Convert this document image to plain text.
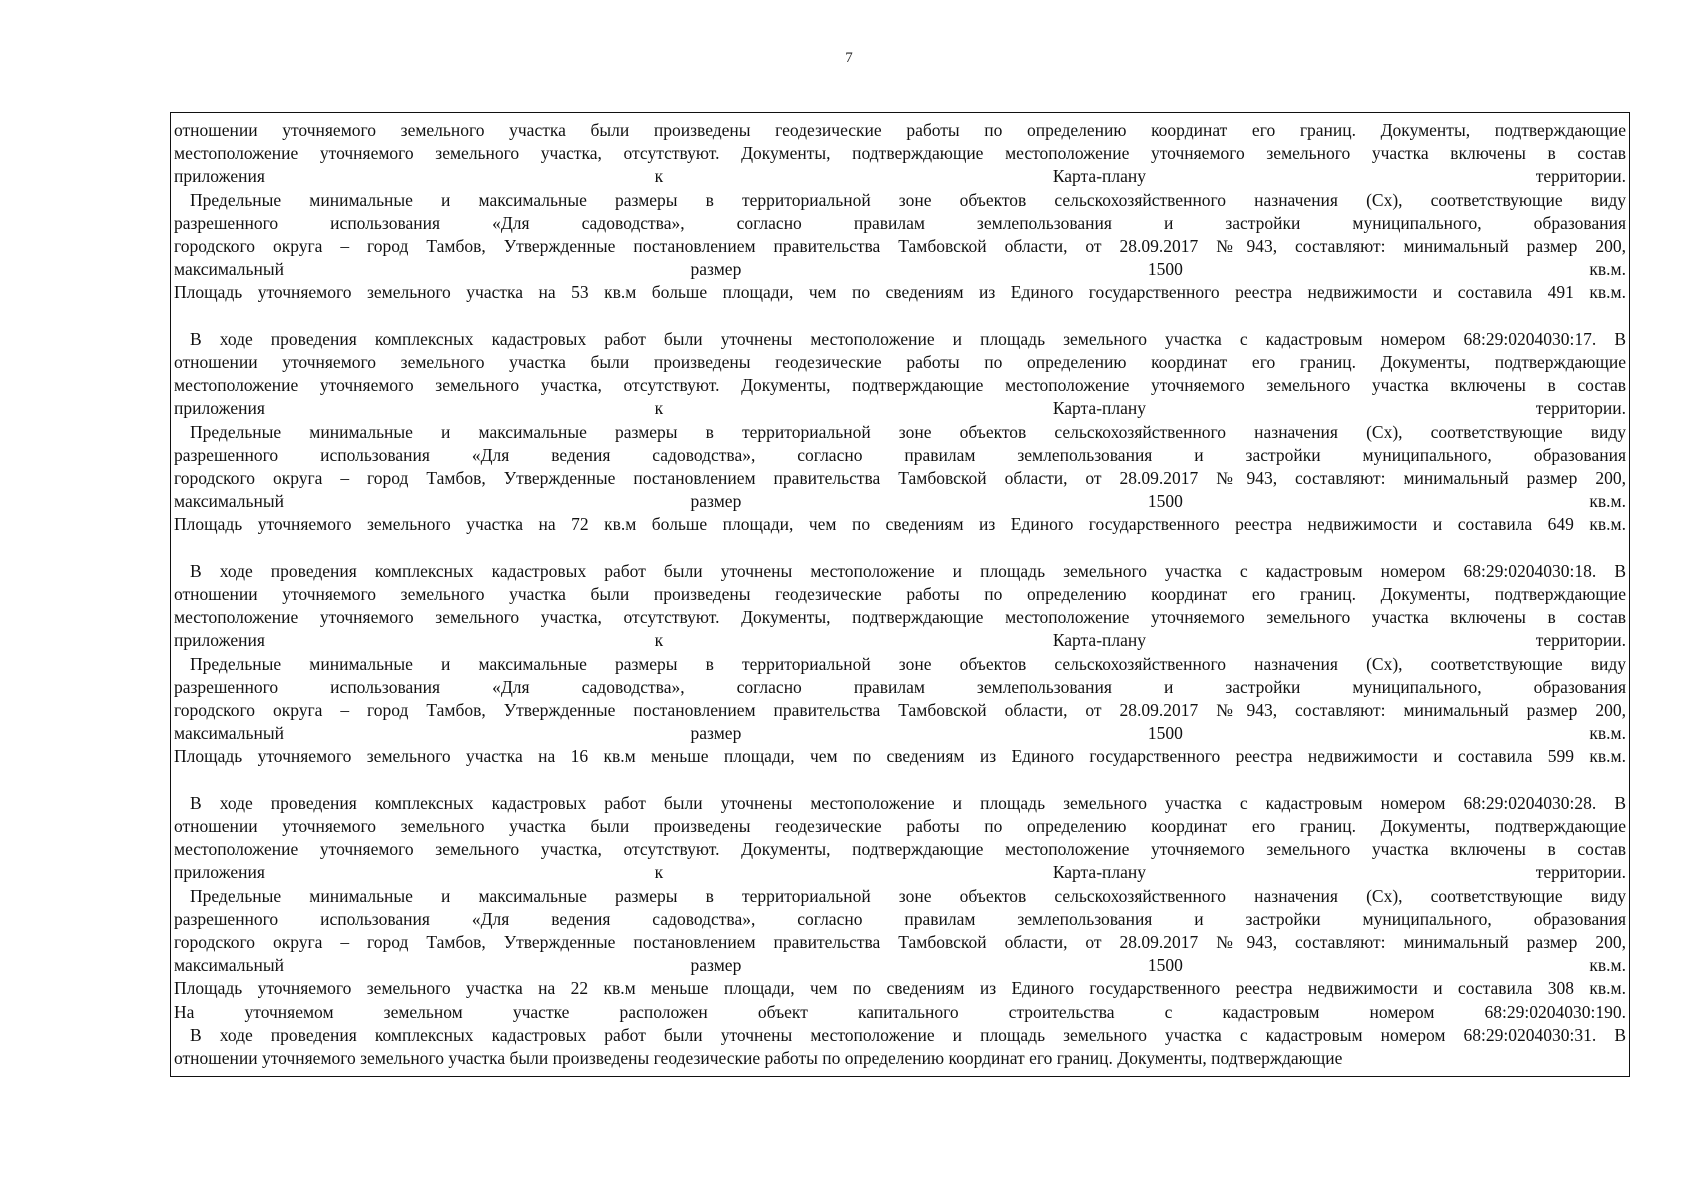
7
отношении уточняемого земельного участка были произведены геодезические работы по определению координат его границ. Документы, подтверждающие
местоположение уточняемого земельного участка, отсутствуют. Документы, подтверждающие местоположение уточняемого земельного участка включены в состав
приложения к Карта-плану территории.
Предельные минимальные и максимальные размеры в территориальной зоне объектов сельскохозяйственного назначения (Сх), соответствующие виду
разрешенного использования «Для садоводства», согласно правилам землепользования и застройки муниципального, образования
городского округа – город Тамбов, Утвержденные постановлением правительства Тамбовской области, от 28.09.2017 №943, составляют: минимальный размер 200,
максимальный размер 1500 кв.м.
Площадь уточняемого земельного участка на 53 кв.м больше площади, чем по сведениям из Единого государственного реестра недвижимости и составила 491 кв.м.
В ходе проведения комплексных кадастровых работ были уточнены местоположение и площадь земельного участка с кадастровым номером 68:29:0204030:17. В
отношении уточняемого земельного участка были произведены геодезические работы по определению координат его границ. Документы, подтверждающие
местоположение уточняемого земельного участка, отсутствуют. Документы, подтверждающие местоположение уточняемого земельного участка включены в состав
приложения к Карта-плану территории.
Предельные минимальные и максимальные размеры в территориальной зоне объектов сельскохозяйственного назначения (Сх), соответствующие виду
разрешенного использования «Для ведения садоводства», согласно правилам землепользования и застройки муниципального, образования
городского округа – город Тамбов, Утвержденные постановлением правительства Тамбовской области, от 28.09.2017 №943, составляют: минимальный размер 200,
максимальный размер 1500 кв.м.
Площадь уточняемого земельного участка на 72 кв.м больше площади, чем по сведениям из Единого государственного реестра недвижимости и составила 649 кв.м.
В ходе проведения комплексных кадастровых работ были уточнены местоположение и площадь земельного участка с кадастровым номером 68:29:0204030:18. В
отношении уточняемого земельного участка были произведены геодезические работы по определению координат его границ. Документы, подтверждающие
местоположение уточняемого земельного участка, отсутствуют. Документы, подтверждающие местоположение уточняемого земельного участка включены в состав
приложения к Карта-плану территории.
Предельные минимальные и максимальные размеры в территориальной зоне объектов сельскохозяйственного назначения (Сх), соответствующие виду
разрешенного использования «Для садоводства», согласно правилам землепользования и застройки муниципального, образования
городского округа – город Тамбов, Утвержденные постановлением правительства Тамбовской области, от 28.09.2017 №943, составляют: минимальный размер 200,
максимальный размер 1500 кв.м.
Площадь уточняемого земельного участка на 16 кв.м меньше площади, чем по сведениям из Единого государственного реестра недвижимости и составила 599 кв.м.
В ходе проведения комплексных кадастровых работ были уточнены местоположение и площадь земельного участка с кадастровым номером 68:29:0204030:28. В
отношении уточняемого земельного участка были произведены геодезические работы по определению координат его границ. Документы, подтверждающие
местоположение уточняемого земельного участка, отсутствуют. Документы, подтверждающие местоположение уточняемого земельного участка включены в состав
приложения к Карта-плану территории.
Предельные минимальные и максимальные размеры в территориальной зоне объектов сельскохозяйственного назначения (Сх), соответствующие виду
разрешенного использования «Для ведения садоводства», согласно правилам землепользования и застройки муниципального, образования
городского округа – город Тамбов, Утвержденные постановлением правительства Тамбовской области, от 28.09.2017 №943, составляют: минимальный размер 200,
максимальный размер 1500 кв.м.
Площадь уточняемого земельного участка на 22 кв.м меньше площади, чем по сведениям из Единого государственного реестра недвижимости и составила 308 кв.м.
На уточняемом земельном участке расположен объект капитального строительства с кадастровым номером 68:29:0204030:190.
В ходе проведения комплексных кадастровых работ были уточнены местоположение и площадь земельного участка с кадастровым номером 68:29:0204030:31. В
отношении уточняемого земельного участка были произведены геодезические работы по определению координат его границ. Документы, подтверждающие
